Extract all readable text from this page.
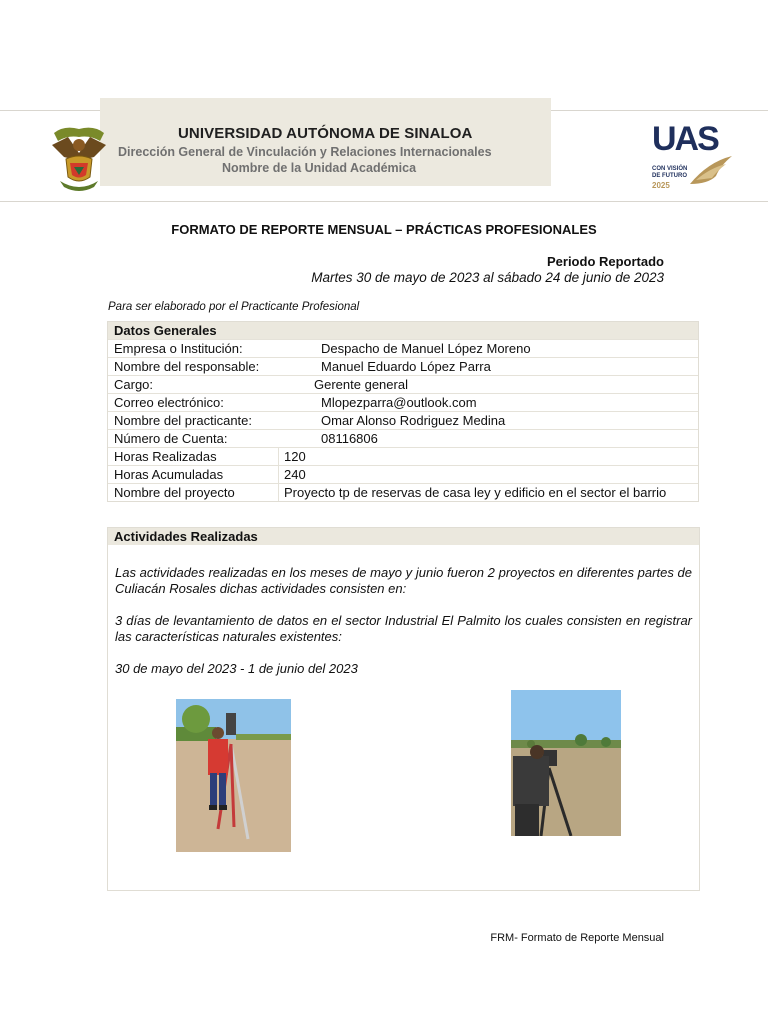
UNIVERSIDAD AUTÓNOMA DE SINALOA
Dirección General de Vinculación y Relaciones Internacionales
Nombre de la Unidad Académica
UAS
CON VISIÓN DE FUTURO
2025
FORMATO DE REPORTE MENSUAL – PRÁCTICAS PROFESIONALES
Periodo Reportado
Martes 30 de mayo de 2023 al sábado 24 de junio de 2023
Para ser elaborado por el Practicante Profesional
Datos Generales
Empresa o Institución:	Despacho de Manuel López Moreno
Nombre del responsable:	Manuel Eduardo López Parra
Cargo:	Gerente general
Correo electrónico:	Mlopezparra@outlook.com
Nombre del practicante:	Omar Alonso Rodriguez Medina
Número de Cuenta:	08116806
Horas Realizadas	120
Horas Acumuladas	240
Nombre del proyecto	Proyecto tp de reservas de casa ley y edificio en el sector el barrio
Actividades Realizadas
Las actividades realizadas en los meses de mayo y junio fueron 2 proyectos en diferentes partes de Culiacán Rosales dichas actividades consisten en:
3 días de levantamiento de datos en el sector Industrial El Palmito los cuales consisten en registrar las características naturales existentes:
30 de mayo del 2023 - 1 de junio del 2023
FRM- Formato de Reporte Mensual
